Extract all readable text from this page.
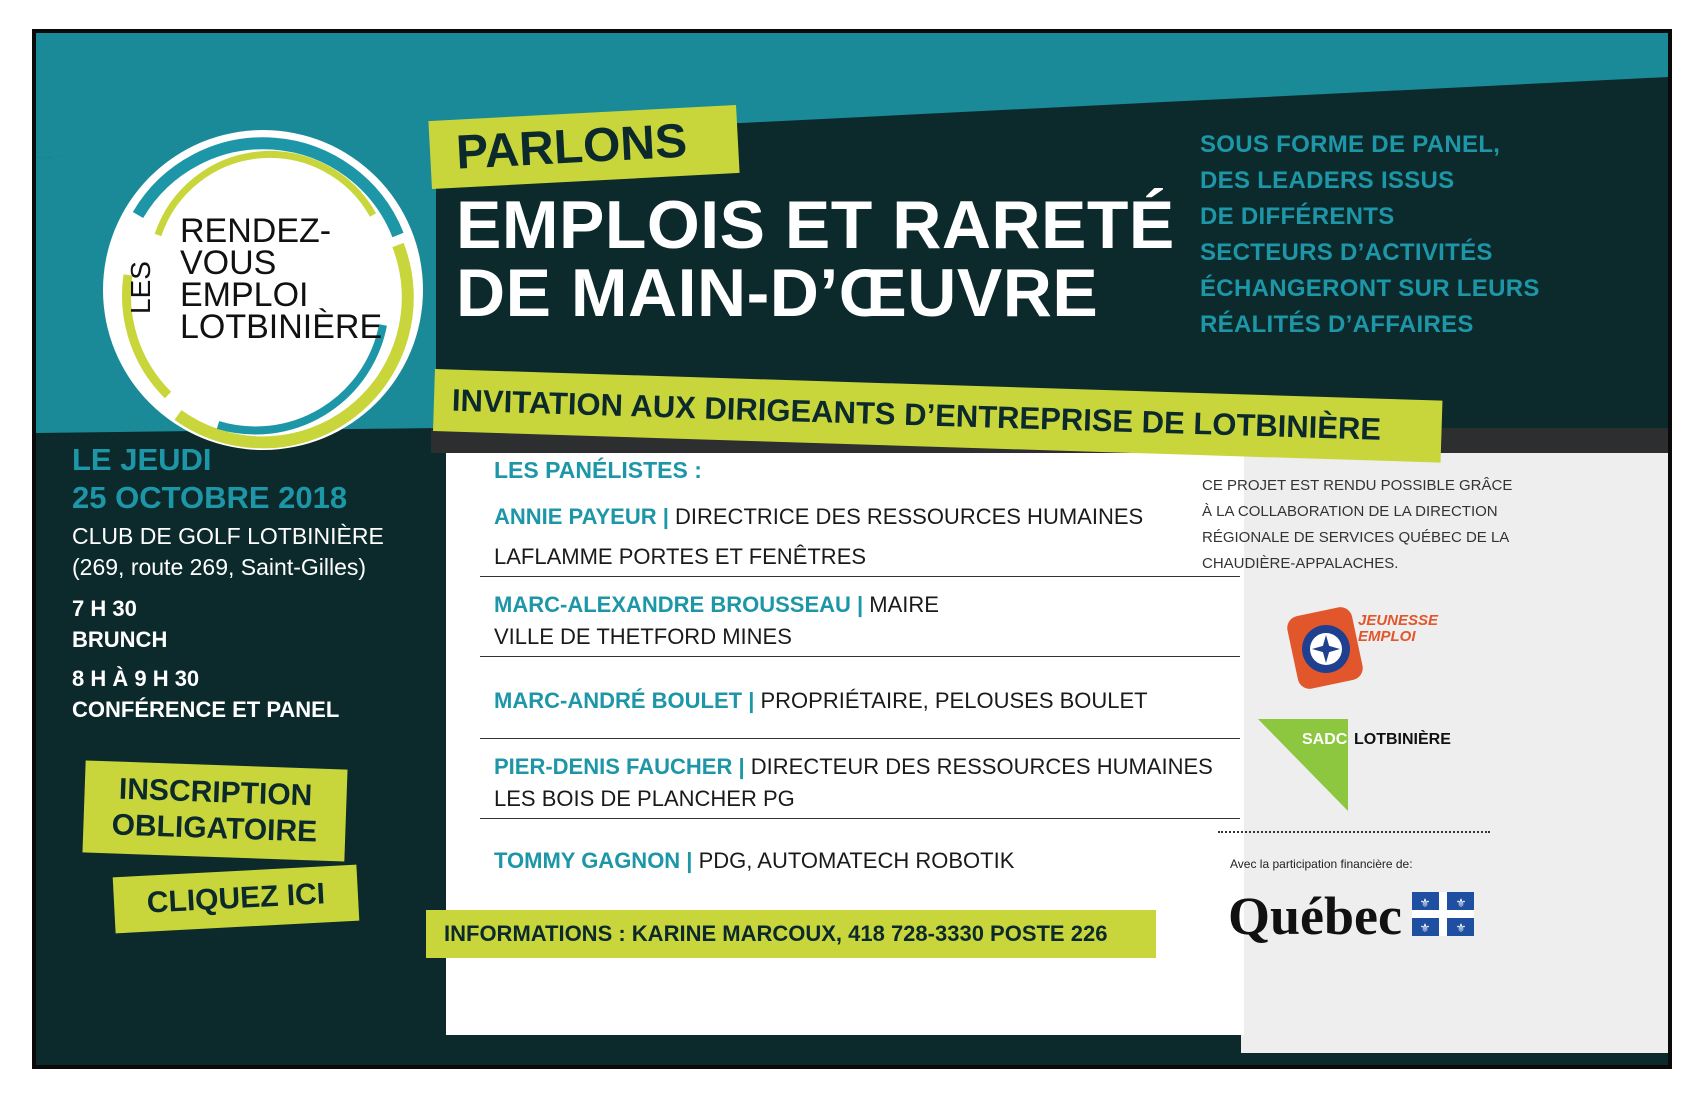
LES
RENDEZ-
VOUS
EMPLOI
LOTBINIÈRE
PARLONS
EMPLOIS ET RARETÉ
DE MAIN-D’ŒUVRE
SOUS FORME DE PANEL,
DES LEADERS ISSUS
DE DIFFÉRENTS
SECTEURS D’ACTIVITÉS
ÉCHANGERONT SUR LEURS
RÉALITÉS D’AFFAIRES
INVITATION AUX DIRIGEANTS D’ENTREPRISE DE LOTBINIÈRE
LE JEUDI
25 OCTOBRE 2018
CLUB DE GOLF LOTBINIÈRE
(269, route 269, Saint-Gilles)
7 H 30
BRUNCH
8 H À 9 H 30
CONFÉRENCE ET PANEL
INSCRIPTION
OBLIGATOIRE
CLIQUEZ ICI
LES PANÉLISTES :
ANNIE PAYEUR | DIRECTRICE DES RESSOURCES HUMAINES
LAFLAMME PORTES ET FENÊTRES
MARC-ALEXANDRE BROUSSEAU | MAIRE
VILLE DE THETFORD MINES
MARC-ANDRÉ BOULET | PROPRIÉTAIRE, PELOUSES BOULET
PIER-DENIS FAUCHER | DIRECTEUR DES RESSOURCES HUMAINES
LES BOIS DE PLANCHER PG
TOMMY GAGNON | PDG, AUTOMATECH ROBOTIK
INFORMATIONS : KARINE MARCOUX, 418 728-3330 POSTE 226
CE PROJET EST RENDU POSSIBLE GRÂCE
À LA COLLABORATION DE LA DIRECTION
RÉGIONALE DE SERVICES QUÉBEC DE LA
CHAUDIÈRE-APPALACHES.
JEUNESSE EMPLOI
SADC LOTBINIÈRE
Avec la participation financière de:
Québec ⚜ ⚜
⚜ ⚜
